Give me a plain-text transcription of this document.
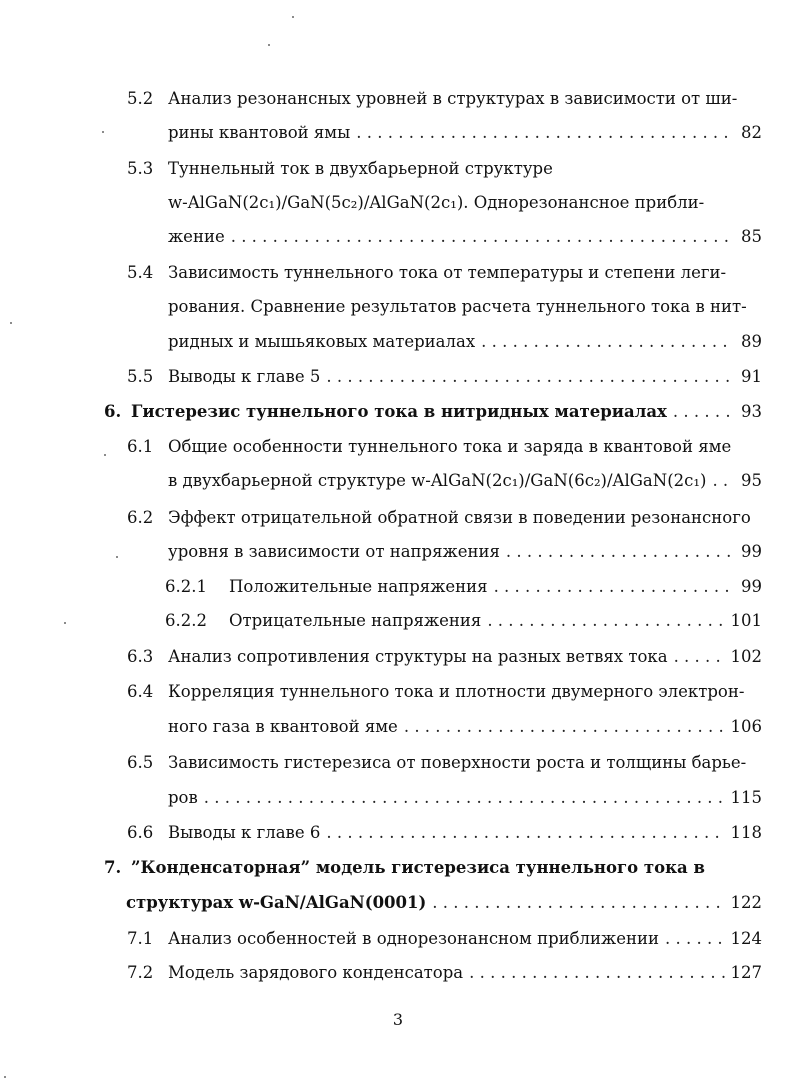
5.2 Анализ резонансных уровней в структурах в зависимости от ши-
рины квантовой ямы . . .	82
5.3 Туннельный ток в двухбарьерной структуре
w-AlGaN(2c₁)/GaN(5c₂)/AlGaN(2c₁). Однорезонансное прибли-
жение . . .	85
5.4 Зависимость туннельного тока от температуры и степени леги-
рования. Сравнение результатов расчета туннельного тока в нит-
ридных и мышьяковых материалах . . .	89
5.5 Выводы к главе 5 . . .	91
6. Гистерезис туннельного тока в нитридных материалах . . .	93
6.1 Общие особенности туннельного тока и заряда в квантовой яме
в двухбарьерной структуре w-AlGaN(2c₁)/GaN(6c₂)/AlGaN(2c₁) . . .	95
6.2 Эффект отрицательной обратной связи в поведении резонансного
уровня в зависимости от напряжения . . .	99
6.2.1 Положительные напряжения . . .	99
6.2.2 Отрицательные напряжения . . .	101
6.3 Анализ сопротивления структуры на разных ветвях тока . . .	102
6.4 Корреляция туннельного тока и плотности двумерного электрон-
ного газа в квантовой яме . . .	106
6.5 Зависимость гистерезиса от поверхности роста и толщины барье-
ров . . .	115
6.6 Выводы к главе 6 . . .	118
7. ”Конденсаторная” модель гистерезиса туннельного тока в
структурах w-GaN/AlGaN(0001) . . .	122
7.1 Анализ особенностей в однорезонансном приближении . . .	124
7.2 Модель зарядового конденсатора . . .	127
3
